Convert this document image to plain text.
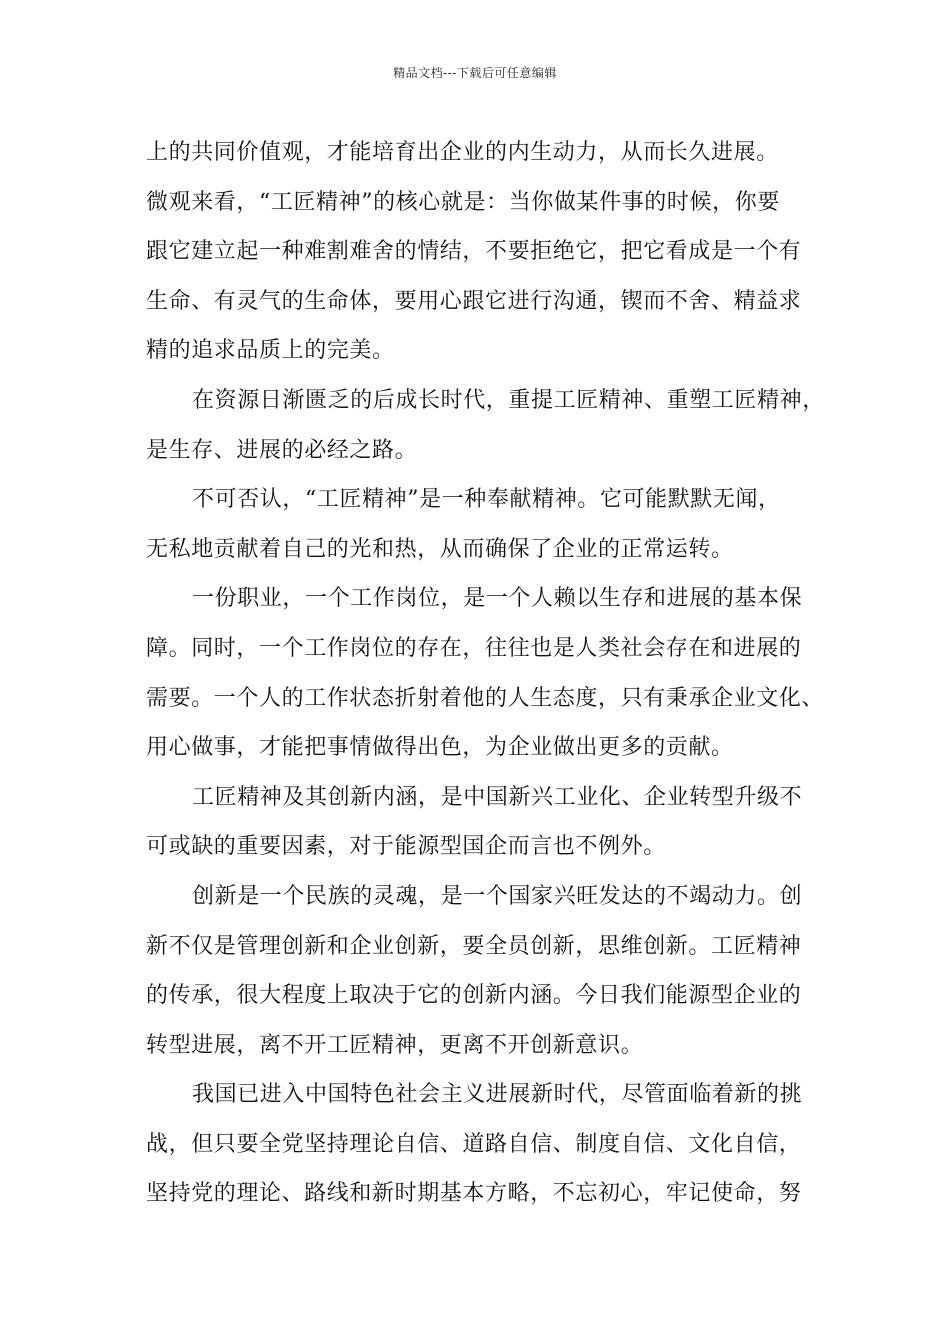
精品文档---下载后可任意编辑
上的共同价值观，才能培育出企业的内生动力，从而长久进展。
微观来看，“工匠精神”的核心就是：当你做某件事的时候，你要
跟它建立起一种难割难舍的情结，不要拒绝它，把它看成是一个有
生命、有灵气的生命体，要用心跟它进行沟通，锲而不舍、精益求
精的追求品质上的完美。
在资源日渐匮乏的后成长时代，重提工匠精神、重塑工匠精神，
是生存、进展的必经之路。
不可否认，“工匠精神”是一种奉献精神。它可能默默无闻，
无私地贡献着自己的光和热，从而确保了企业的正常运转。
一份职业，一个工作岗位，是一个人赖以生存和进展的基本保
障。同时，一个工作岗位的存在，往往也是人类社会存在和进展的
需要。一个人的工作状态折射着他的人生态度，只有秉承企业文化、
用心做事，才能把事情做得出色，为企业做出更多的贡献。
工匠精神及其创新内涵，是中国新兴工业化、企业转型升级不
可或缺的重要因素，对于能源型国企而言也不例外。
创新是一个民族的灵魂，是一个国家兴旺发达的不竭动力。创
新不仅是管理创新和企业创新，要全员创新，思维创新。工匠精神
的传承，很大程度上取决于它的创新内涵。今日我们能源型企业的
转型进展，离不开工匠精神，更离不开创新意识。
我国已进入中国特色社会主义进展新时代，尽管面临着新的挑
战，但只要全党坚持理论自信、道路自信、制度自信、文化自信，
坚持党的理论、路线和新时期基本方略，不忘初心，牢记使命，努
